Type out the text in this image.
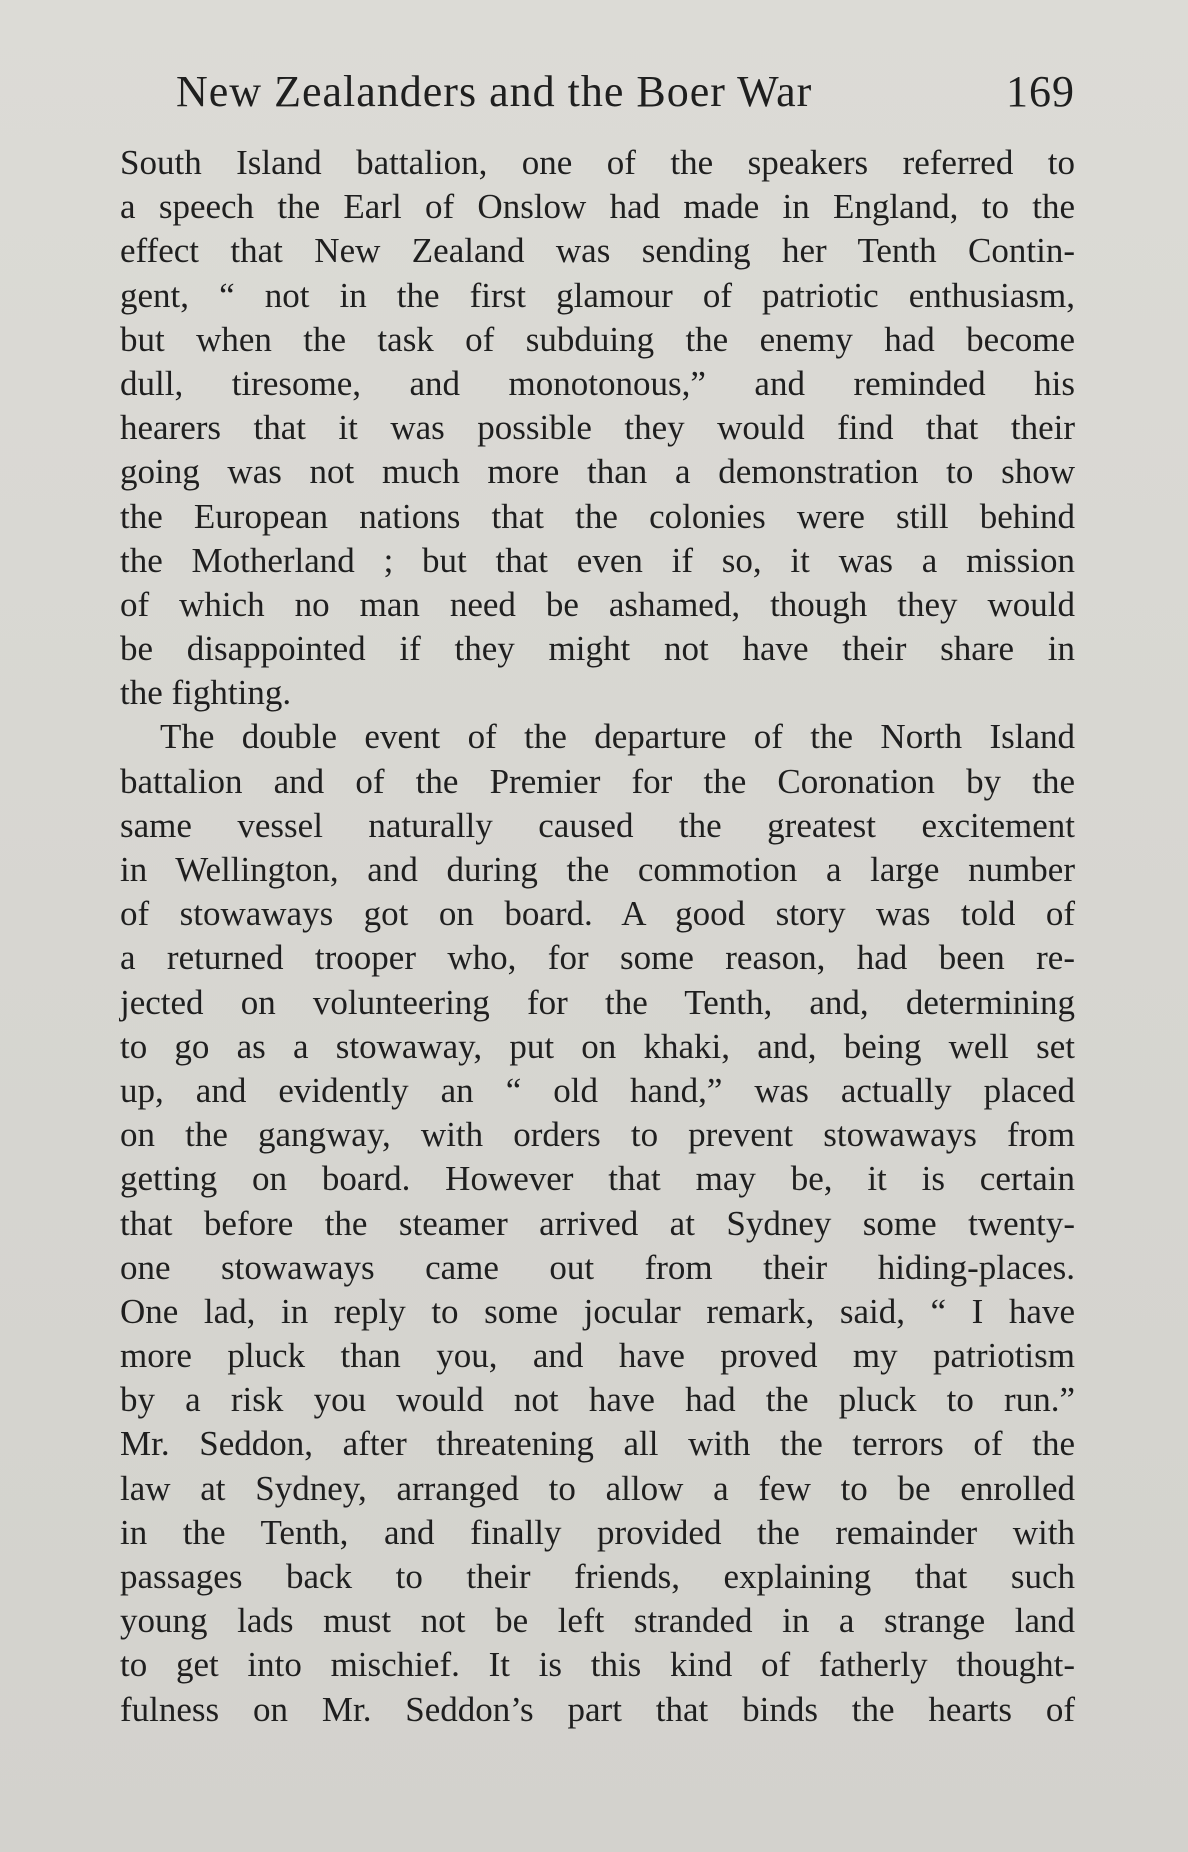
New Zealanders and the Boer War	169
South Island battalion, one of the speakers referred to
a speech the Earl of Onslow had made in England, to the
effect that New Zealand was sending her Tenth Contin-
gent, “ not in the first glamour of patriotic enthusiasm,
but when the task of subduing the enemy had become
dull, tiresome, and monotonous,” and reminded his
hearers that it was possible they would find that their
going was not much more than a demonstration to show
the European nations that the colonies were still behind
the Motherland ; but that even if so, it was a mission
of which no man need be ashamed, though they would
be disappointed if they might not have their share in
the fighting.
The double event of the departure of the North Island
battalion and of the Premier for the Coronation by the
same vessel naturally caused the greatest excitement
in Wellington, and during the commotion a large number
of stowaways got on board. A good story was told of
a returned trooper who, for some reason, had been re-
jected on volunteering for the Tenth, and, determining
to go as a stowaway, put on khaki, and, being well set
up, and evidently an “ old hand,” was actually placed
on the gangway, with orders to prevent stowaways from
getting on board. However that may be, it is certain
that before the steamer arrived at Sydney some twenty-
one stowaways came out from their hiding-places.
One lad, in reply to some jocular remark, said, “ I have
more pluck than you, and have proved my patriotism
by a risk you would not have had the pluck to run.”
Mr. Seddon, after threatening all with the terrors of the
law at Sydney, arranged to allow a few to be enrolled
in the Tenth, and finally provided the remainder with
passages back to their friends, explaining that such
young lads must not be left stranded in a strange land
to get into mischief. It is this kind of fatherly thought-
fulness on Mr. Seddon’s part that binds the hearts of
